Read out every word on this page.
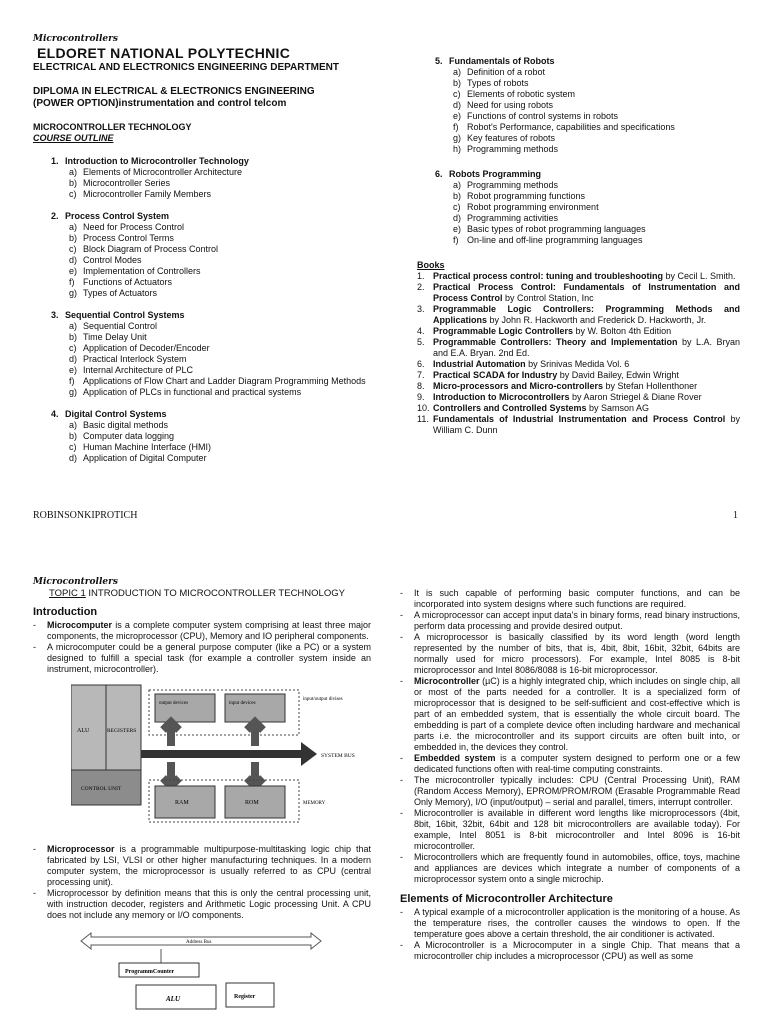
Microcontrollers
ELDORET NATIONAL POLYTECHNIC
ELECTRICAL AND ELECTRONICS ENGINEERING DEPARTMENT
DIPLOMA IN ELECTRICAL & ELECTRONICS ENGINEERING
(POWER OPTION)instrumentation and control telcom
MICROCONTROLLER TECHNOLOGY
COURSE OUTLINE
1. Introduction to Microcontroller Technology
a) Elements of Microcontroller Architecture
b) Microcontroller Series
c) Microcontroller Family Members
2. Process Control System
a) Need for Process Control
b) Process Control Terms
c) Block Diagram of Process Control
d) Control Modes
e) Implementation of Controllers
f) Functions of Actuators
g) Types of Actuators
3. Sequential Control Systems
a) Sequential Control
b) Time Delay Unit
c) Application of Decoder/Encoder
d) Practical Interlock System
e) Internal Architecture of PLC
f) Applications of Flow Chart and Ladder Diagram Programming Methods
g) Application of PLCs in functional and practical systems
4. Digital Control Systems
a) Basic digital methods
b) Computer data logging
c) Human Machine Interface (HMI)
d) Application of Digital Computer
5. Fundamentals of Robots
a) Definition of a robot
b) Types of robots
c) Elements of robotic system
d) Need for using robots
e) Functions of control systems in robots
f) Robot's Performance, capabilities and specifications
g) Key features of robots
h) Programming methods
6. Robots Programming
a) Programming methods
b) Robot programming functions
c) Robot programming environment
d) Programming activities
e) Basic types of robot programming languages
f) On-line and off-line programming languages
Books
1. Practical process control: tuning and troubleshooting by Cecil L. Smith.
2. Practical Process Control: Fundamentals of Instrumentation and Process Control by Control Station, Inc
3. Programmable Logic Controllers: Programming Methods and Applications by John R. Hackworth and Frederick D. Hackworth, Jr.
4. Programmable Logic Controllers by W. Bolton 4th Edition
5. Programmable Controllers: Theory and Implementation by L.A. Bryan and E.A. Bryan. 2nd Ed.
6. Industrial Automation by Srinivas Medida Vol. 6
7. Practical SCADA for Industry by David Bailey, Edwin Wright
8. Micro-processors and Micro-controllers by Stefan Hollenthoner
9. Introduction to Microcontrollers by Aaron Striegel & Diane Rover
10. Controllers and Controlled Systems by Samson AG
11. Fundamentals of Industrial Instrumentation and Process Control by William C. Dunn
ROBINSONKIPROTICH	1
Microcontrollers
TOPIC 1 INTRODUCTION TO MICROCONTROLLER TECHNOLOGY
Introduction
-	Microcomputer is a complete computer system comprising at least three major components, the microprocessor (CPU), Memory and IO peripheral components.
-	A microcomputer could be a general purpose computer (like a PC) or a system designed to fulfill a special task (for example a controller system inside an instrument, microcontroller).
ALU	REGISTERS
CONTROL UNIT
output devices	input devices
input/output divises
SYSTEM BUS
RAM	ROM	MEMORY
-	Microprocessor is a programmable multipurpose-multitasking logic chip that fabricated by LSI, VLSI or other higher manufacturing techniques. In a modern computer system, the microprocessor is usually referred to as CPU (central processing unit).
-	Microprocessor by definition means that this is only the central processing unit, with instruction decoder, registers and Arithmetic Logic processing Unit. A CPU does not include any memory or I/O components.
Address Bus
ProgrammCounter
ALU	Register
-	It is such capable of performing basic computer functions, and can be incorporated into system designs where such functions are required.
-	A microprocessor can accept input data's in binary forms, read binary instructions, perform data processing and provide desired output.
-	A microprocessor is basically classified by its word length (word length represented by the number of bits, that is, 4bit, 8bit, 16bit, 32bit, 64bits are normally used for micro processors). For example, Intel 8085 is 8-bit microprocessor and Intel 8086/8088 is 16-bit microprocessor.
-	Microcontroller (µC) is a highly integrated chip, which includes on single chip, all or most of the parts needed for a controller. It is a specialized form of microprocessor that is designed to be self-sufficient and cost-effective which is part of an embedded system, that is essentially the whole circuit board. The embedding is part of a complete device often including hardware and mechanical parts i.e. the microcontroller and its support circuits are often built into, or embedded in, the devices they control.
-	Embedded system is a computer system designed to perform one or a few dedicated functions often with real-time computing constraints.
-	The microcontroller typically includes: CPU (Central Processing Unit), RAM (Random Access Memory), EPROM/PROM/ROM (Erasable Programmable Read Only Memory), I/O (input/output) – serial and parallel, timers, interrupt controller.
-	Microcontroller is available in different word lengths like microprocessors (4bit, 8bit, 16bit, 32bit, 64bit and 128 bit microcontrollers are available today). For example, Intel 8051 is 8-bit microcontroller and Intel 8096 is 16-bit microcontroller.
-	Microcontrollers which are frequently found in automobiles, office, toys, machine and appliances are devices which integrate a number of components of a microprocessor system onto a single microchip.
Elements of Microcontroller Architecture
-	A typical example of a microcontroller application is the monitoring of a house. As the temperature rises, the controller causes the windows to open. If the temperature goes above a certain threshold, the air conditioner is activated.
-	A Microcontroller is a Microcomputer in a single Chip. That means that a microcontroller chip includes a microprocessor (CPU) as well as some
